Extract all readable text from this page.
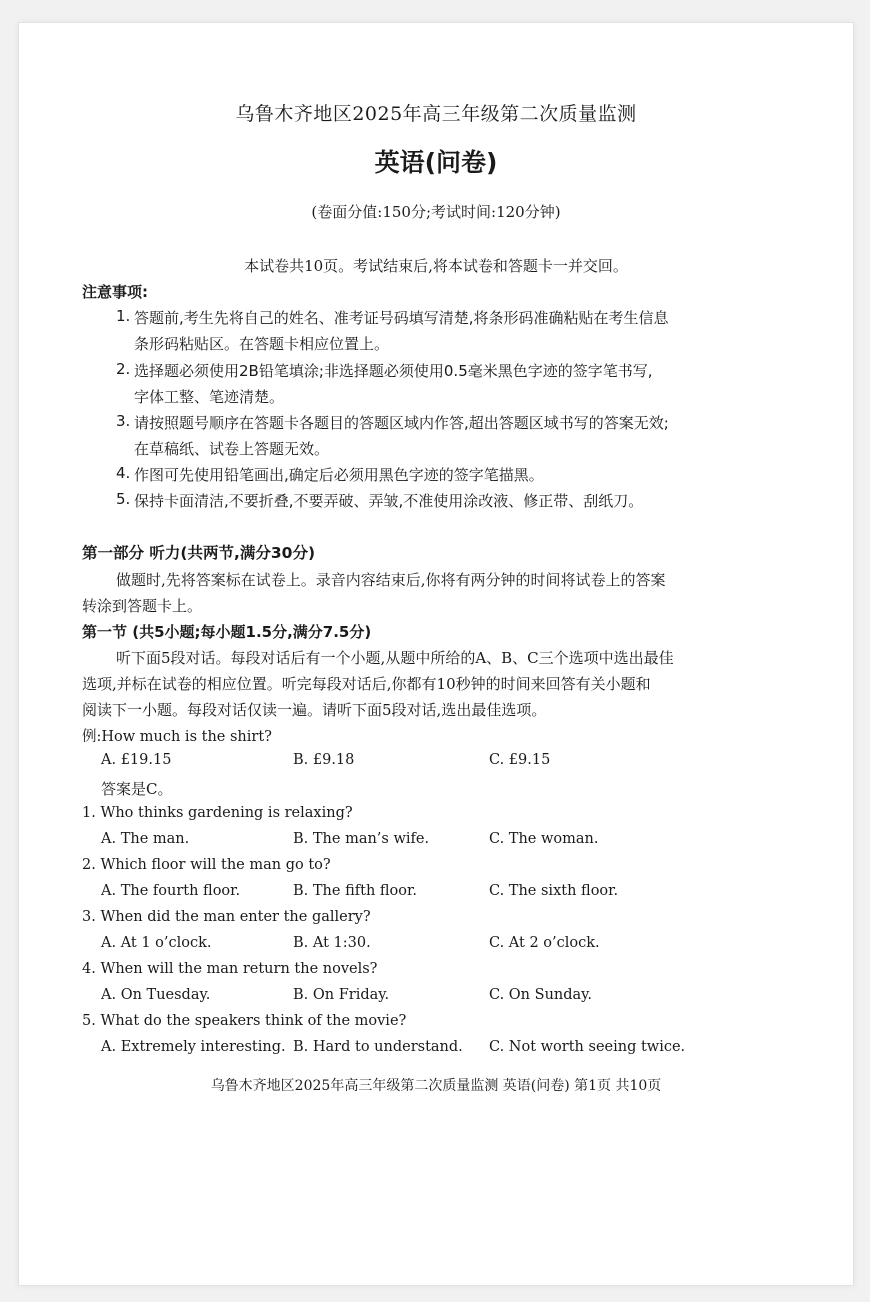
乌鲁木齐地区2025年高三年级第二次质量监测
英语(问卷)
(卷面分值:150分;考试时间:120分钟)
本试卷共10页。考试结束后,将本试卷和答题卡一并交回。
注意事项:
1. 答题前,考生先将自己的姓名、准考证号码填写清楚,将条形码准确粘贴在考生信息
条形码粘贴区。在答题卡相应位置上。
2. 选择题必须使用2B铅笔填涂;非选择题必须使用0.5毫米黑色字迹的签字笔书写,
字体工整、笔迹清楚。
3. 请按照题号顺序在答题卡各题目的答题区域内作答,超出答题区域书写的答案无效;
在草稿纸、试卷上答题无效。
4. 作图可先使用铅笔画出,确定后必须用黑色字迹的签字笔描黑。
5. 保持卡面清洁,不要折叠,不要弄破、弄皱,不准使用涂改液、修正带、刮纸刀。
第一部分 听力(共两节,满分30分)
做题时,先将答案标在试卷上。录音内容结束后,你将有两分钟的时间将试卷上的答案
转涂到答题卡上。
第一节 (共5小题;每小题1.5分,满分7.5分)
听下面5段对话。每段对话后有一个小题,从题中所给的A、B、C三个选项中选出最佳
选项,并标在试卷的相应位置。听完每段对话后,你都有10秒钟的时间来回答有关小题和
阅读下一小题。每段对话仅读一遍。请听下面5段对话,选出最佳选项。
例:How much is the shirt?
A. £19.15	B. £9.18	C. £9.15
答案是C。
1. Who thinks gardening is relaxing?
A. The man.	B. The man’s wife.	C. The woman.
2. Which floor will the man go to?
A. The fourth floor.	B. The fifth floor.	C. The sixth floor.
3. When did the man enter the gallery?
A. At 1 o’clock.	B. At 1:30.	C. At 2 o’clock.
4. When will the man return the novels?
A. On Tuesday.	B. On Friday.	C. On Sunday.
5. What do the speakers think of the movie?
A. Extremely interesting. B. Hard to understand. C. Not worth seeing twice.
乌鲁木齐地区2025年高三年级第二次质量监测 英语(问卷) 第1页 共10页
